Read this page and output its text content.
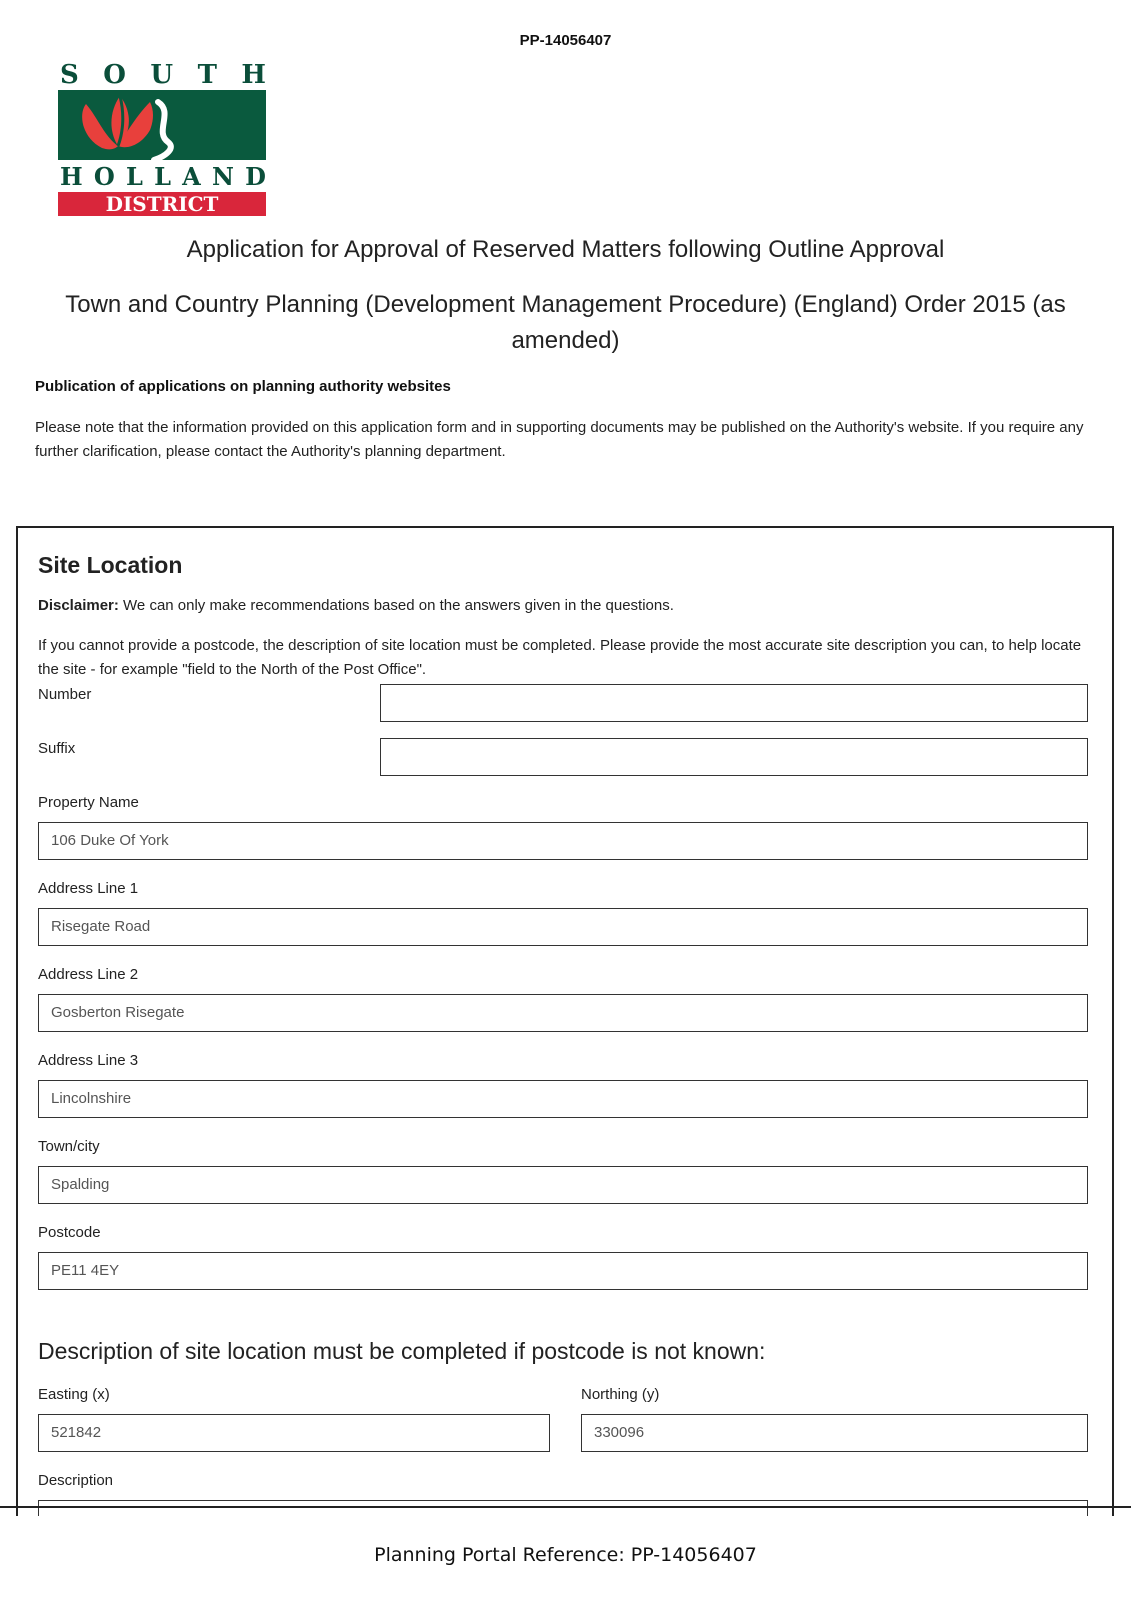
PP-14056407
S O U T H
H O L L A N D
DISTRICT COUNCIL
Application for Approval of Reserved Matters following Outline Approval
Town and Country Planning (Development Management Procedure) (England) Order 2015 (as amended)
Publication of applications on planning authority websites
Please note that the information provided on this application form and in supporting documents may be published on the Authority's website. If you require any further clarification, please contact the Authority's planning department.
Site Location
Disclaimer: We can only make recommendations based on the answers given in the questions.
If you cannot provide a postcode, the description of site location must be completed. Please provide the most accurate site description you can, to help locate the site - for example "field to the North of the Post Office".
Number
Suffix
Property Name
106 Duke Of York
Address Line 1
Risegate Road
Address Line 2
Gosberton Risegate
Address Line 3
Lincolnshire
Town/city
Spalding
Postcode
PE11 4EY
Description of site location must be completed if postcode is not known:
Easting (x)
521842
Northing (y)
330096
Description
Planning Portal Reference: PP-14056407
